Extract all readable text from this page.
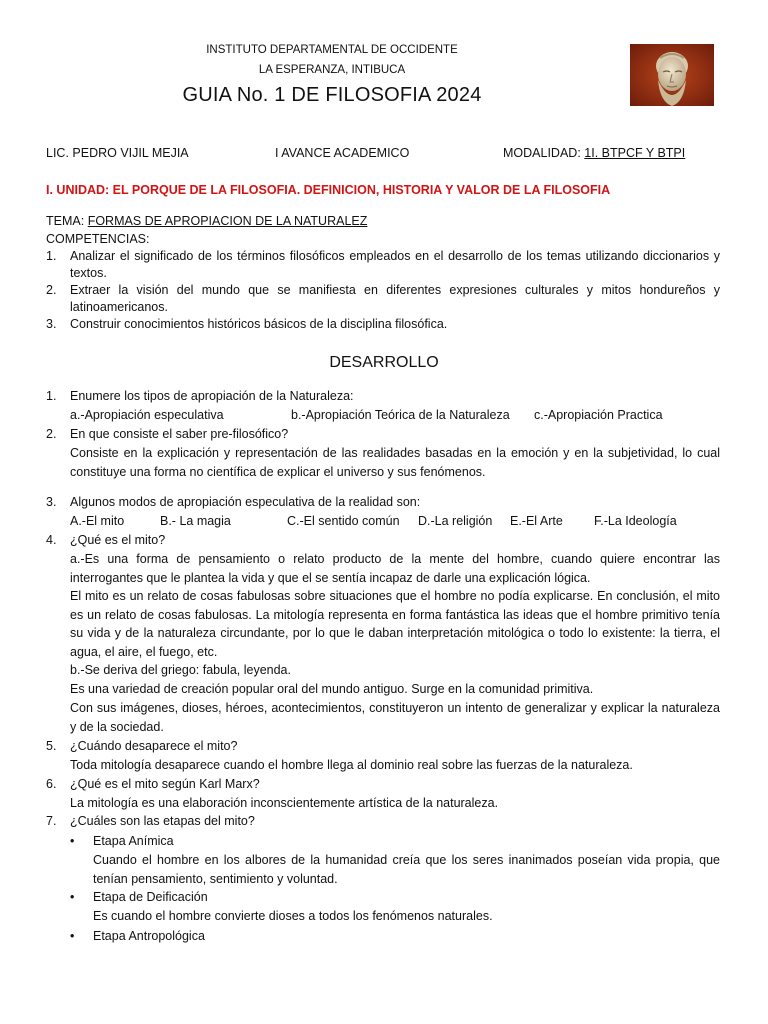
INSTITUTO DEPARTAMENTAL DE OCCIDENTE
LA ESPERANZA, INTIBUCA
GUIA No. 1 DE FILOSOFIA 2024
LIC. PEDRO VIJIL MEJIA	I AVANCE ACADEMICO	MODALIDAD: 1I. BTPCF Y BTPI
I. UNIDAD: EL PORQUE DE LA FILOSOFIA. DEFINICION, HISTORIA Y VALOR DE LA FILOSOFIA
TEMA: FORMAS DE APROPIACION DE LA NATURALEZ
COMPETENCIAS:
1. Analizar el significado de los términos filosóficos empleados en el desarrollo de los temas utilizando diccionarios y textos.
2. Extraer la visión del mundo que se manifiesta en diferentes expresiones culturales y mitos hondureños y latinoamericanos.
3. Construir conocimientos históricos básicos de la disciplina filosófica.
DESARROLLO
1. Enumere los tipos de apropiación de la Naturaleza:
a.-Apropiación especulativa	b.-Apropiación Teórica de la Naturaleza c.-Apropiación Practica
2. En que consiste el saber pre-filosófico?
Consiste en la explicación y representación de las realidades basadas en la emoción y en la subjetividad, lo cual constituye una forma no científica de explicar el universo y sus fenómenos.
3. Algunos modos de apropiación especulativa de la realidad son:
A.-El mito	B.- La magia	C.-El sentido común D.-La religión E.-El Arte F.-La Ideología
4. ¿Qué es el mito?
a.-Es una forma de pensamiento o relato producto de la mente del hombre, cuando quiere encontrar las interrogantes que le plantea la vida y que el se sentía incapaz de darle una explicación lógica.
El mito es un relato de cosas fabulosas sobre situaciones que el hombre no podía explicarse. En conclusión, el mito es un relato de cosas fabulosas. La mitología representa en forma fantástica las ideas que el hombre primitivo tenía su vida y de la naturaleza circundante, por lo que le daban interpretación mitológica o todo lo existente: la tierra, el agua, el aire, el fuego, etc.
b.-Se deriva del griego: fabula, leyenda.
Es una variedad de creación popular oral del mundo antiguo. Surge en la comunidad primitiva.
Con sus imágenes, dioses, héroes, acontecimientos, constituyeron un intento de generalizar y explicar la naturaleza y de la sociedad.
5. ¿Cuándo desaparece el mito?
Toda mitología desaparece cuando el hombre llega al dominio real sobre las fuerzas de la naturaleza.
6. ¿Qué es el mito según Karl Marx?
La mitología es una elaboración inconscientemente artística de la naturaleza.
7. ¿Cuáles son las etapas del mito?
• Etapa Anímica
Cuando el hombre en los albores de la humanidad creía que los seres inanimados poseían vida propia, que tenían pensamiento, sentimiento y voluntad.
• Etapa de Deificación
Es cuando el hombre convierte dioses a todos los fenómenos naturales.
• Etapa Antropológica
